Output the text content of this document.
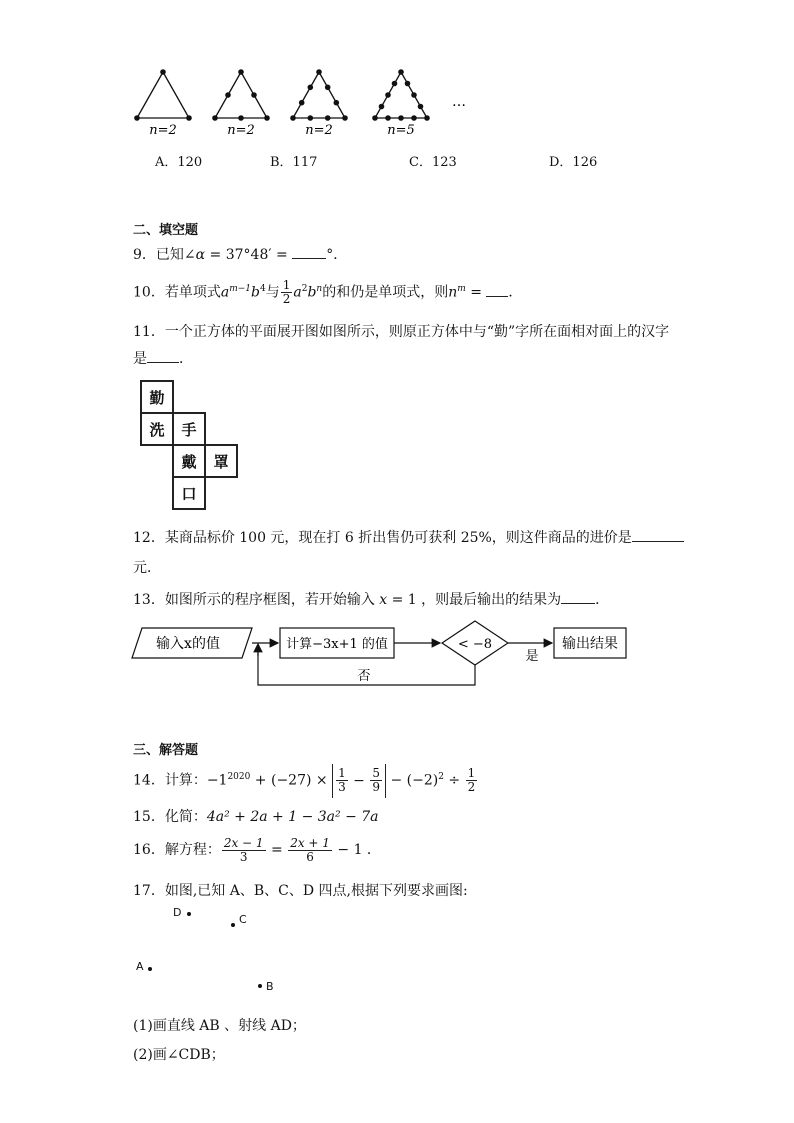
n=2	n=2	n=2	n=5
…
A．120	B．117	C．123	D．126
二、填空题
9．已知∠α = 37°48′ = °．
10．若单项式$a^{m-1}b^4$与 $\frac{1}{2} a^2b^n$的和仍是单项式，则$n^m$ = ．
11．一个正方体的平面展开图如图所示，则原正方体中与“勤”字所在面相对面上的汉字
是 ．
勤
洗	手
戴	罩
口
12．某商品标价 100 元，现在打 6 折出售仍可获利 25%，则这件商品的进价是
元．
13．如图所示的程序框图，若开始输入 x = 1 ，则最后输出的结果为 ．
输入x的值	计算−3x+1 的值	< −8
是
输出结果
否
三、解答题
14．计算：$-1^{2020} + (-27) \times \frac{1}{3} - \frac{5}{9} - (-2)^2 \div \frac{1}{2}$
15．化简：4a² + 2a + 1 − 3a² − 7a
16．解方程： $\frac{2x - 1}{3} = \frac{2x + 1}{6} - 1$ ．
17．如图,已知 A、B、C、D 四点,根据下列要求画图:
D
C
A
B
(1)画直线 AB 、射线 AD；
(2)画∠CDB；
